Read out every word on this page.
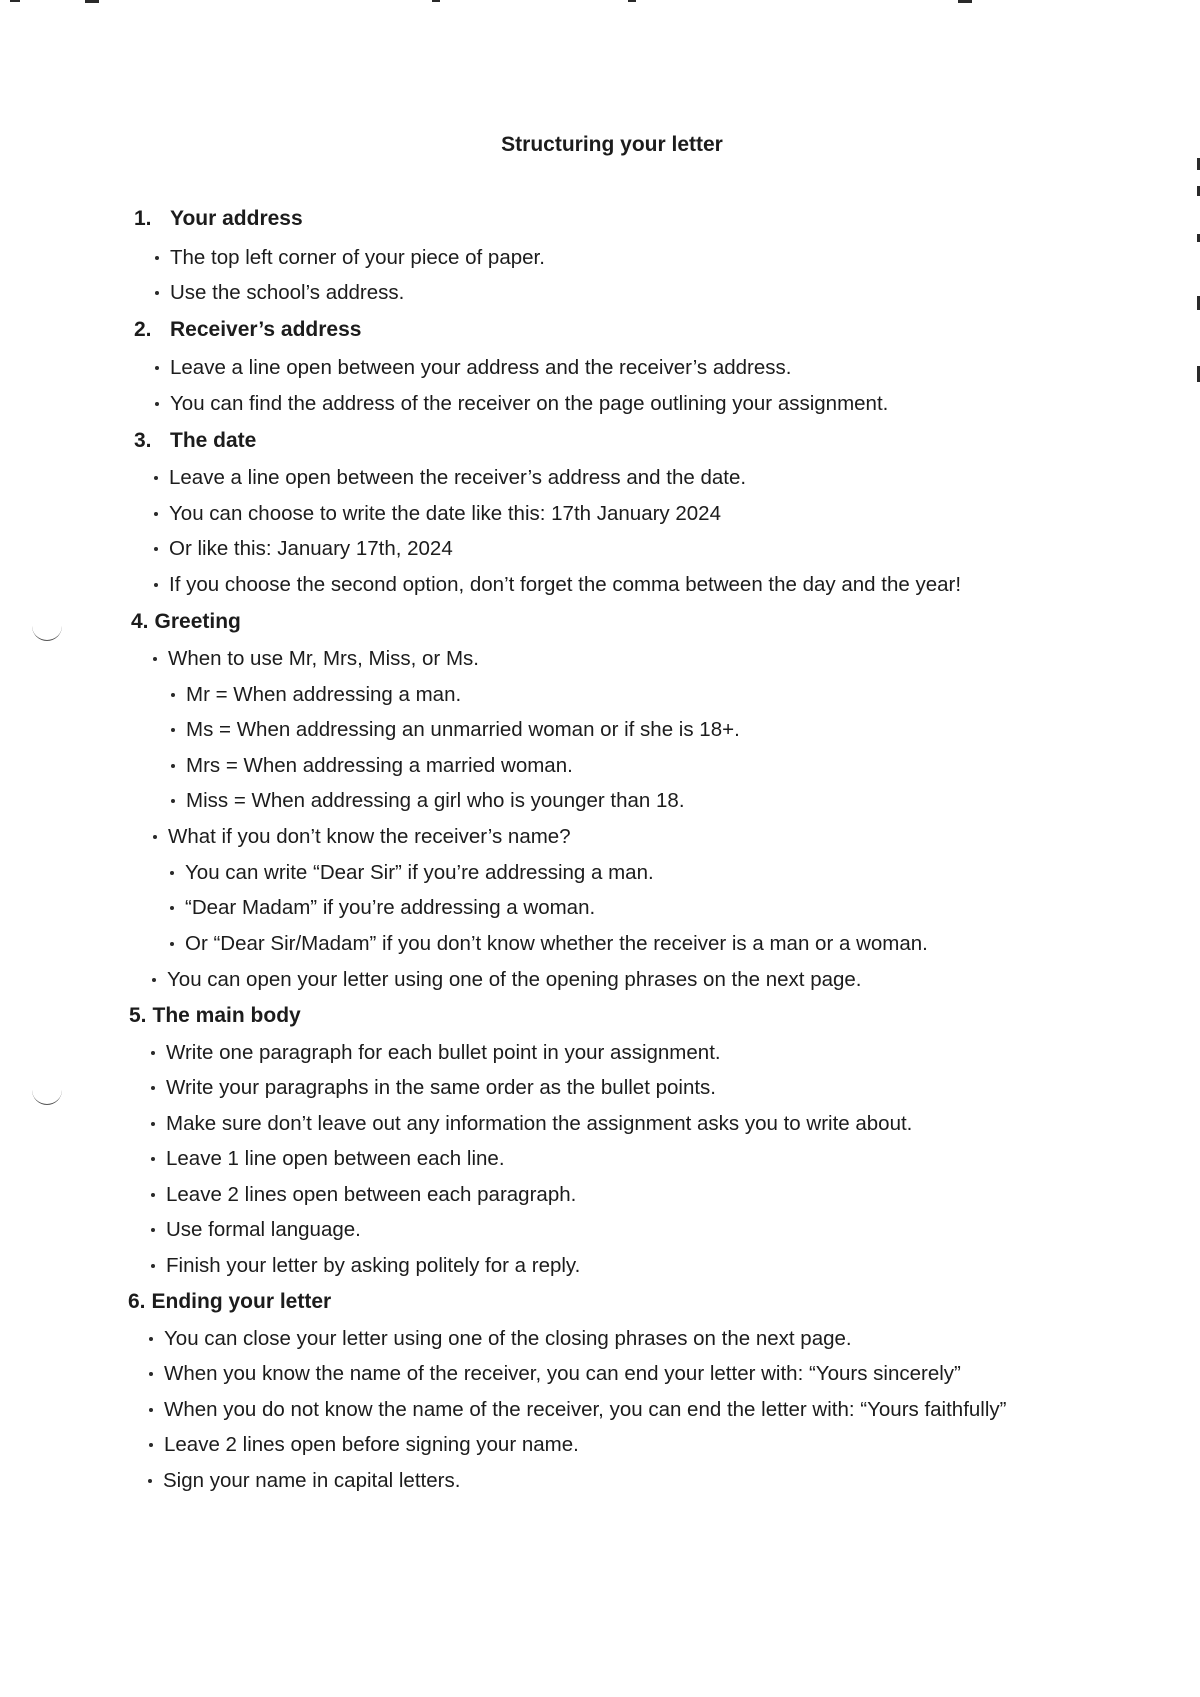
Structuring your letter
1. Your address
The top left corner of your piece of paper.
Use the school’s address.
2. Receiver’s address
Leave a line open between your address and the receiver’s address.
You can find the address of the receiver on the page outlining your assignment.
3. The date
Leave a line open between the receiver’s address and the date.
You can choose to write the date like this: 17th January 2024
Or like this: January 17th, 2024
If you choose the second option, don’t forget the comma between the day and the year!
4. Greeting
When to use Mr, Mrs, Miss, or Ms.
Mr = When addressing a man.
Ms = When addressing an unmarried woman or if she is 18+.
Mrs = When addressing a married woman.
Miss = When addressing a girl who is younger than 18.
What if you don’t know the receiver’s name?
You can write “Dear Sir” if you’re addressing a man.
“Dear Madam” if you’re addressing a woman.
Or “Dear Sir/Madam” if you don’t know whether the receiver is a man or a woman.
You can open your letter using one of the opening phrases on the next page.
5. The main body
Write one paragraph for each bullet point in your assignment.
Write your paragraphs in the same order as the bullet points.
Make sure don’t leave out any information the assignment asks you to write about.
Leave 1 line open between each line.
Leave 2 lines open between each paragraph.
Use formal language.
Finish your letter by asking politely for a reply.
6. Ending your letter
You can close your letter using one of the closing phrases on the next page.
When you know the name of the receiver, you can end your letter with: “Yours sincerely”
When you do not know the name of the receiver, you can end the letter with: “Yours faithfully”
Leave 2 lines open before signing your name.
Sign your name in capital letters.
